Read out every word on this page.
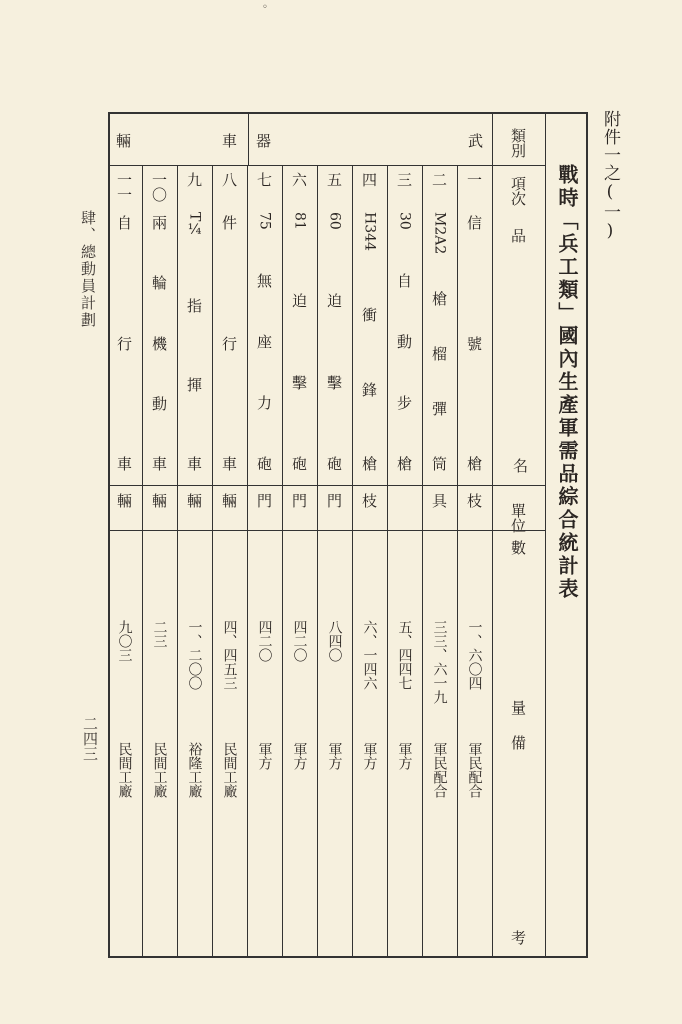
◦
肆、總動員計劃
二四三
附件一之(一)
戰時「兵工類」國內生產軍需品綜合統計表
類別
項次
品
名
單位
數
量
備
考
武
器
車
輛
一
信
號
槍
枝
一、六〇四
軍民配合
二
M2A2
槍
榴
彈
筒
具
三三、六一九
軍民配合
三
30
自
動
步
槍
五、四四七
軍方
四
H344
衝
鋒
槍
枝
六、一四六
軍方
五
60
迫
擊
砲
門
八四〇
軍方
六
81
迫
擊
砲
門
四二〇
軍方
七
75
無
座
力
砲
門
四二〇
軍方
八
件
行
車
輛
四、四五三
民間工廠
九
T¼
指
揮
車
輛
一、二〇〇
裕隆工廠
一〇
兩
輪
機
動
車
輛
二三
民間工廠
一一
自
行
車
輛
九〇三
民間工廠
